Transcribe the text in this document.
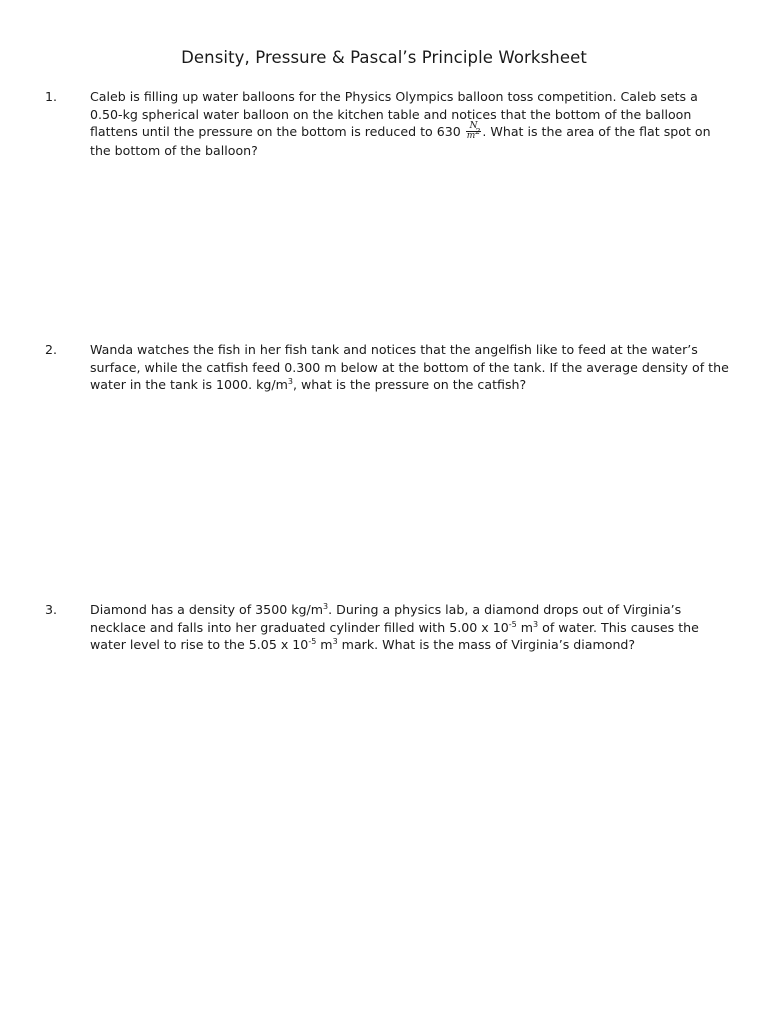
Density, Pressure & Pascal’s Principle Worksheet
1.	Caleb is filling up water balloons for the Physics Olympics balloon toss competition. Caleb sets a 0.50-kg spherical water balloon on the kitchen table and notices that the bottom of the balloon flattens until the pressure on the bottom is reduced to $630 \frac{N}{m^2}$ . What is the area of the flat spot on the bottom of the balloon?
2.	Wanda watches the fish in her fish tank and notices that the angelfish like to feed at the water’s surface, while the catfish feed 0.300 m below at the bottom of the tank. If the average density of the water in the tank is 1000. $kg/m^3$, what is the pressure on the catfish?
3.	Diamond has a density of 3500 $kg/m^3$. During a physics lab, a diamond drops out of Virginia’s necklace and falls into her graduated cylinder filled with 5.00 x $10^{-5}$ $m^3$ of water. This causes the water level to rise to the 5.05 x $10^{-5}$ $m^3$ mark. What is the mass of Virginia’s diamond?
